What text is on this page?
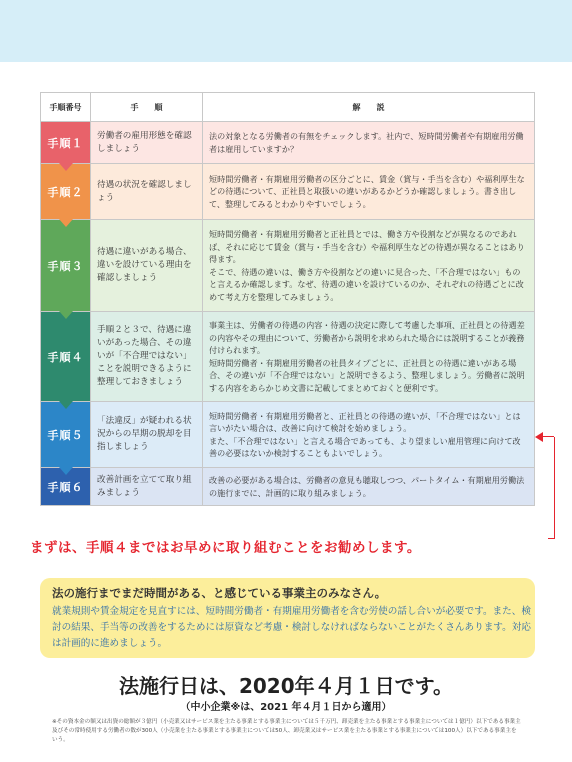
手順番号	手　　順	解　　説
手順１	労働者の雇用形態を確認しましょう	法の対象となる労働者の有無をチェックします。社内で、短時間労働者や有期雇用労働者は雇用していますか？
手順２	待遇の状況を確認しましょう	短時間労働者・有期雇用労働者の区分ごとに、賃金（賞与・手当を含む）や福利厚生などの待遇について、正社員と取扱いの違いがあるかどうか確認しましょう。書き出して、整理してみるとわかりやすいでしょう。
手順３	待遇に違いがある場合、違いを設けている理由を確認しましょう	短時間労働者・有期雇用労働者と正社員とでは、働き方や役割などが異なるのであれば、それに応じて賃金（賞与・手当を含む）や福利厚生などの待遇が異なることはあり得ます。
そこで、待遇の違いは、働き方や役割などの違いに見合った、「不合理ではない」ものと言えるか確認します。なぜ、待遇の違いを設けているのか、それぞれの待遇ごとに改めて考え方を整理してみましょう。
手順４	手順２と３で、待遇に違いがあった場合、その違いが「不合理ではない」ことを説明できるように整理しておきましょう	事業主は、労働者の待遇の内容・待遇の決定に際して考慮した事項、正社員との待遇差の内容やその理由について、労働者から説明を求められた場合には説明することが義務付けられます。
短時間労働者・有期雇用労働者の社員タイプごとに、正社員との待遇に違いがある場合、その違いが「不合理ではない」と説明できるよう、整理しましょう。労働者に説明する内容をあらかじめ文書に記載してまとめておくと便利です。
手順５	「法違反」が疑われる状況からの早期の脱却を目指しましょう	短時間労働者・有期雇用労働者と、正社員との待遇の違いが、「不合理ではない」とは言いがたい場合は、改善に向けて検討を始めましょう。
また、「不合理ではない」と言える場合であっても、より望ましい雇用管理に向けて改善の必要はないか検討することもよいでしょう。
手順６	改善計画を立てて取り組みましょう	改善の必要がある場合は、労働者の意見も聴取しつつ、パートタイム・有期雇用労働法の施行までに、計画的に取り組みましょう。
まずは、手順４まではお早めに取り組むことをお勧めします。
法の施行までまだ時間がある、と感じている事業主のみなさん。
就業規則や賃金規定を見直すには、短時間労働者・有期雇用労働者を含む労使の話し合いが必要です。また、検討の結果、手当等の改善をするためには原資など考慮・検討しなければならないことがたくさんあります。対応は計画的に進めましょう。
法施行日は、2020年４月１日です。
（中小企業※は、2021 年４月１日から適用）
※その資本金の額又は出資の総額が３億円（小売業又はサービス業を主たる事業とする事業主については５千万円、卸売業を主たる事業とする事業主については１億円）以下である事業主及びその常時使用する労働者の数が300人（小売業を主たる事業とする事業主については50人、卸売業又はサービス業を主たる事業とする事業主については100人）以下である事業主をいう。
